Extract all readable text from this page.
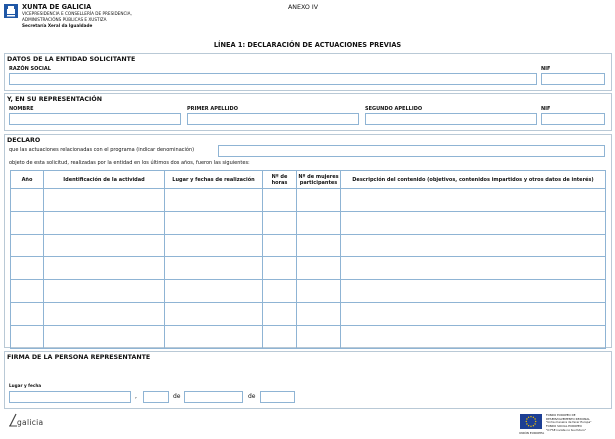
XUNTA DE GALICIA
VICEPRESIDENCIA E CONSELLERÍA DE PRESIDENCIA,
ADMINISTRACIÓNS PÚBLICAS E XUSTIZA
Secretaría Xeral da Igualdade
ANEXO IV
LÍNEA 1: DECLARACIÓN DE ACTUACIONES PREVIAS
DATOS DE LA ENTIDAD SOLICITANTE
RAZÓN SOCIAL	NIF
Y, EN SU REPRESENTACIÓN
NOMBRE	PRIMER APELLIDO	SEGUNDO APELLIDO	NIF
DECLARO
que las actuaciones relacionadas con el programa (indicar denominación)
objeto de esta solicitud, realizadas por la entidad en los últimos dos años, fueron las siguientes:
Año	Identificación de la actividad	Lugar y fechas de realización	Nº de horas	Nº de mujeres participantes	Descripción del contenido (objetivos, contenidos impartidos y otros datos de interés)

FIRMA DE LA PERSONA REPRESENTANTE
Lugar y fecha
,	de	de
galicia
UNIÓN EUROPEA
FONDO EUROPEO DE
DESENVOLVEMENTO REXIONAL
"Unha maneira de facer Europa"
FONDO SOCIAL EUROPEO
"O FSE inviste no teu futuro"
